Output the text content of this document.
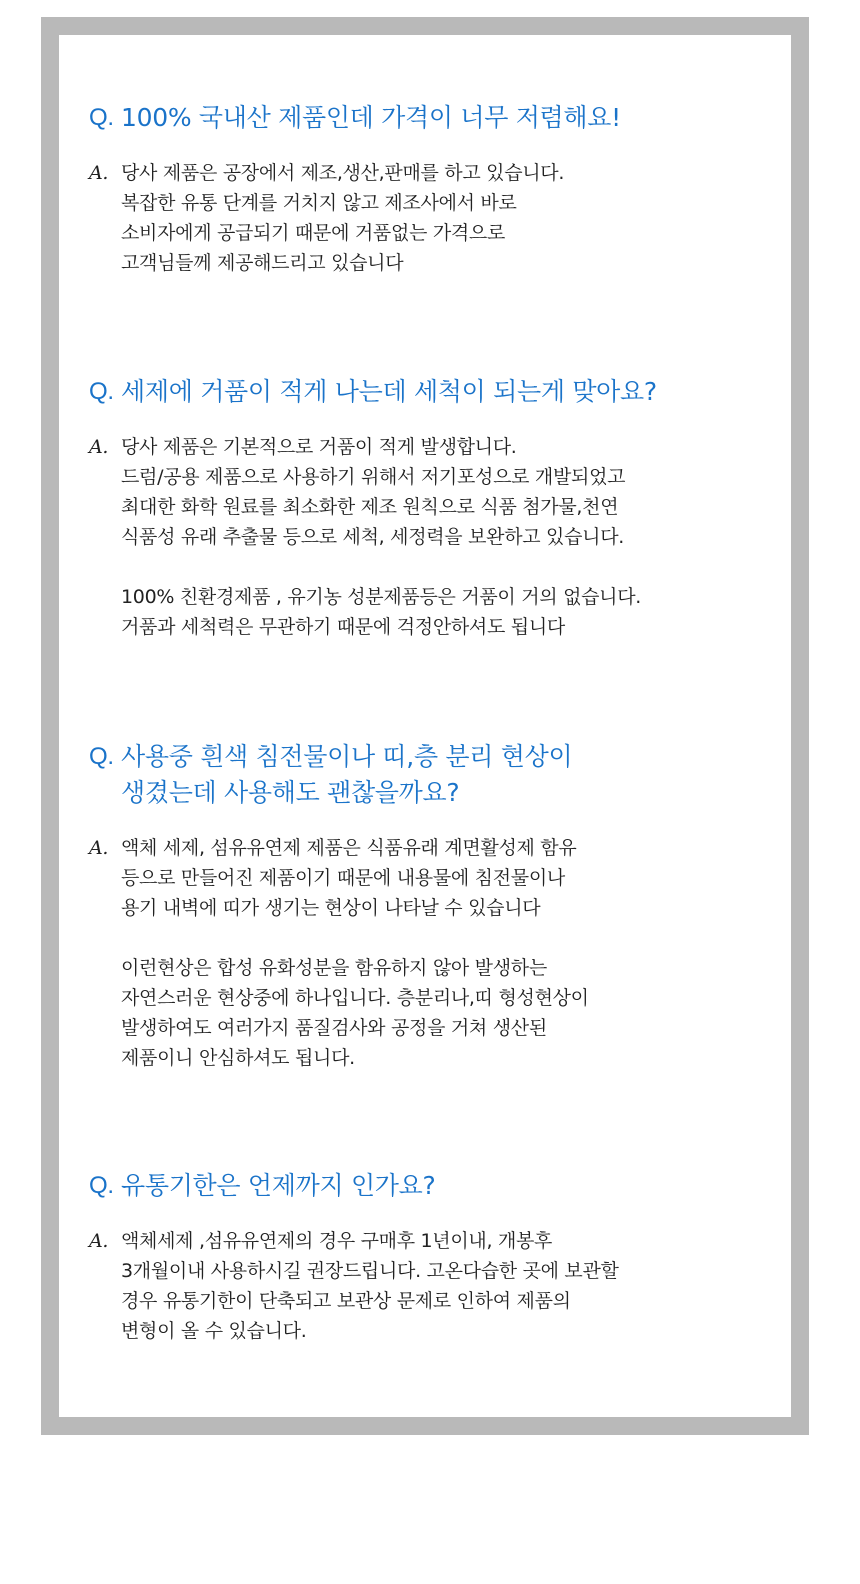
Q. 100% 국내산 제품인데 가격이 너무 저렴해요!
A. 당사 제품은 공장에서 제조,생산,판매를 하고 있습니다.
복잡한 유통 단계를 거치지 않고 제조사에서 바로
소비자에게 공급되기 때문에 거품없는 가격으로
고객님들께 제공해드리고 있습니다
Q. 세제에 거품이 적게 나는데 세척이 되는게 맞아요?
A. 당사 제품은 기본적으로 거품이 적게 발생합니다.
드럼/공용 제품으로 사용하기 위해서 저기포성으로 개발되었고
최대한 화학 원료를 최소화한 제조 원칙으로 식품 첨가물,천연
식품성 유래 추출물 등으로 세척, 세정력을 보완하고 있습니다.
100% 친환경제품 , 유기농 성분제품등은 거품이 거의 없습니다.
거품과 세척력은 무관하기 때문에 걱정안하셔도 됩니다
Q. 사용중 흰색 침전물이나 띠,층 분리 현상이
생겼는데 사용해도 괜찮을까요?
A. 액체 세제, 섬유유연제 제품은 식품유래 계면활성제 함유
등으로 만들어진 제품이기 때문에 내용물에 침전물이나
용기 내벽에 띠가 생기는 현상이 나타날 수 있습니다
이런현상은 합성 유화성분을 함유하지 않아 발생하는
자연스러운 현상중에 하나입니다. 층분리나,띠 형성현상이
발생하여도 여러가지 품질검사와 공정을 거쳐 생산된
제품이니 안심하셔도 됩니다.
Q. 유통기한은 언제까지 인가요?
A. 액체세제 ,섬유유연제의 경우 구매후 1년이내, 개봉후
3개월이내 사용하시길 권장드립니다. 고온다습한 곳에 보관할
경우 유통기한이 단축되고 보관상 문제로 인하여 제품의
변형이 올 수 있습니다.
